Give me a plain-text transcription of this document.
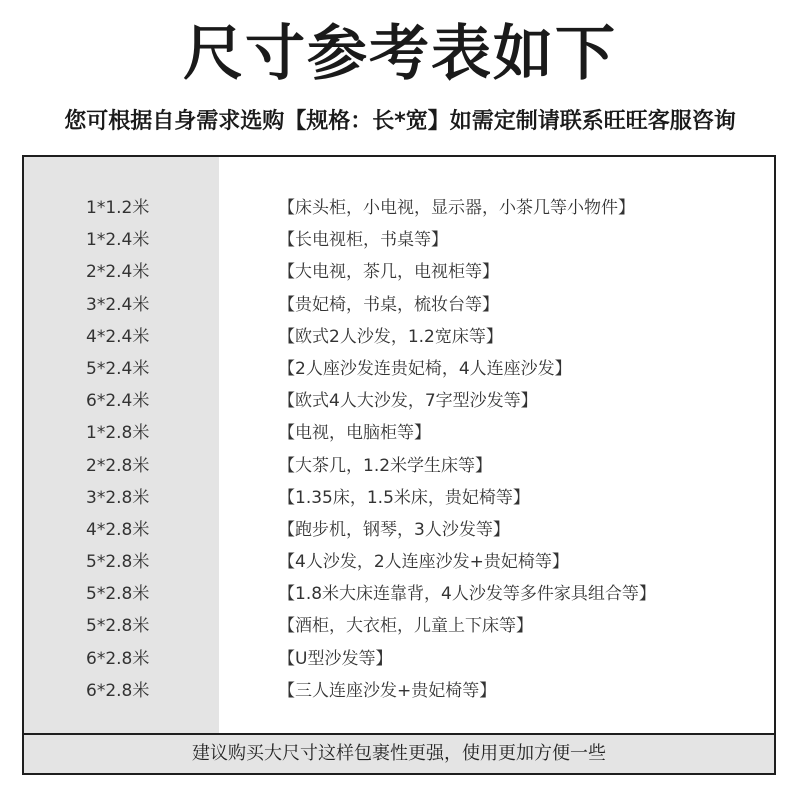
尺寸参考表如下
您可根据自身需求选购【规格：长*宽】如需定制请联系旺旺客服咨询
1*1.2米	【床头柜，小电视，显示器，小茶几等小物件】
1*2.4米	【长电视柜，书桌等】
2*2.4米	【大电视，茶几，电视柜等】
3*2.4米	【贵妃椅，书桌，梳妆台等】
4*2.4米	【欧式2人沙发，1.2宽床等】
5*2.4米	【2人座沙发连贵妃椅，4人连座沙发】
6*2.4米	【欧式4人大沙发，7字型沙发等】
1*2.8米	【电视，电脑柜等】
2*2.8米	【大茶几，1.2米学生床等】
3*2.8米	【1.35床，1.5米床，贵妃椅等】
4*2.8米	【跑步机，钢琴，3人沙发等】
5*2.8米	【4人沙发，2人连座沙发+贵妃椅等】
5*2.8米	【1.8米大床连靠背，4人沙发等多件家具组合等】
5*2.8米	【酒柜，大衣柜，儿童上下床等】
6*2.8米	【U型沙发等】
6*2.8米	【三人连座沙发+贵妃椅等】
建议购买大尺寸这样包裹性更强，使用更加方便一些
